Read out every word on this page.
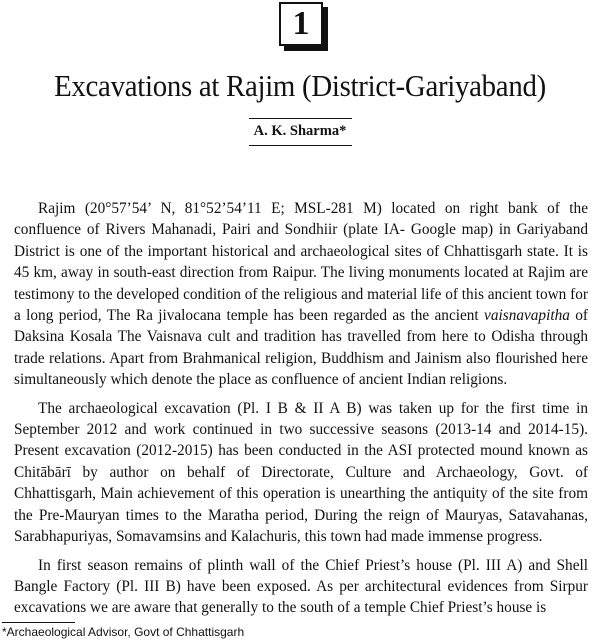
1
Excavations at Rajim (District-Gariyaband)
A. K. Sharma*

Rajim (20°57’54’ N, 81°52’54’11 E; MSL-281 M) located on right bank of the confluence of Rivers Mahanadi, Pairi and Sondhiir (plate IA- Google map) in Gariyaband District is one of the important historical and archaeological sites of Chhattisgarh state. It is 45 km, away in south-east direction from Raipur. The living monuments located at Rajim are testimony to the developed condition of the religious and material life of this ancient town for a long period, The Ra jivalocana temple has been regarded as the ancient vaisnavapitha of Daksina Kosala The Vaisnava cult and tradition has travelled from here to Odisha through trade relations. Apart from Brahmanical religion, Buddhism and Jainism also flourished here simultaneously which denote the place as confluence of ancient Indian religions.

The archaeological excavation (Pl. I B & II A B) was taken up for the first time in September 2012 and work continued in two successive seasons (2013-14 and 2014-15). Present excavation (2012-2015) has been conducted in the ASI protected mound known as Chitābārī by author on behalf of Directorate, Culture and Archaeology, Govt. of Chhattisgarh, Main achievement of this operation is unearthing the antiquity of the site from the Pre-Mauryan times to the Maratha period, During the reign of Mauryas, Satavahanas, Sarabhapuriyas, Somavamsins and Kalachuris, this town had made immense progress.

In first season remains of plinth wall of the Chief Priest’s house (Pl. III A) and Shell Bangle Factory (Pl. III B) have been exposed. As per architectural evidences from Sirpur excavations we are aware that generally to the south of a temple Chief Priest’s house is

*Archaeological Advisor, Govt of Chhattisgarh
